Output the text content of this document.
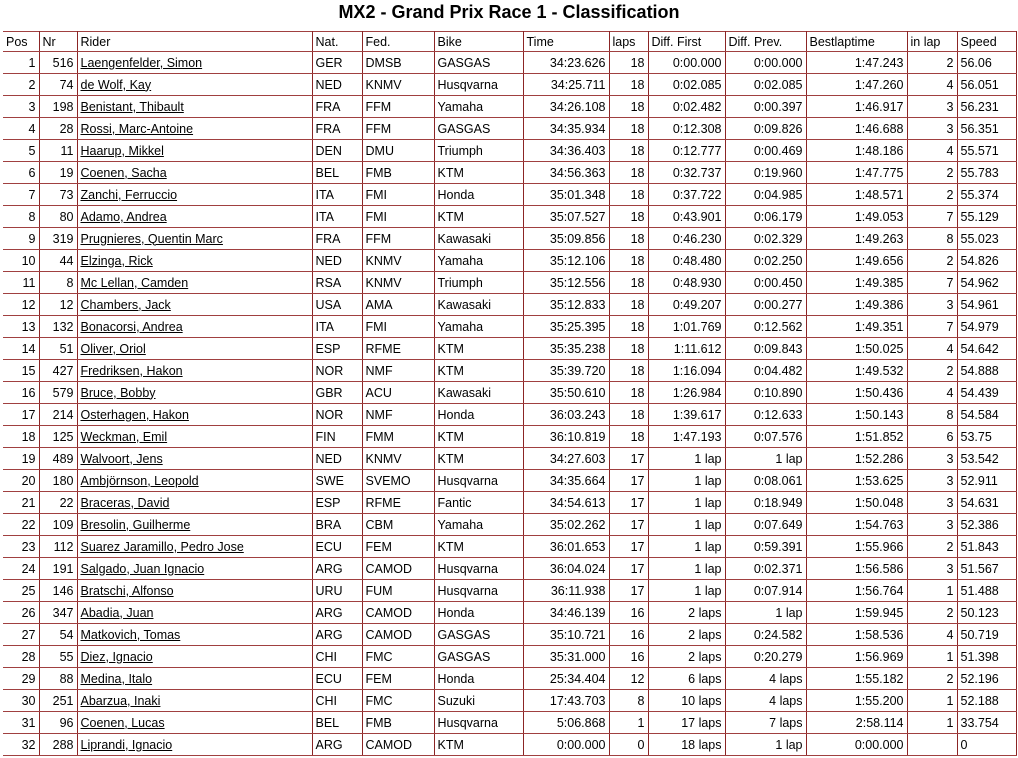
MX2 - Grand Prix Race 1 - Classification
Pos	Nr	Rider	Nat.	Fed.	Bike	Time	laps	Diff. First	Diff. Prev.	Bestlaptime	in lap	Speed
1	516	Laengenfelder, Simon	GER	DMSB	GASGAS	34:23.626	18	0:00.000	0:00.000	1:47.243	2	56.06
2	74	de Wolf, Kay	NED	KNMV	Husqvarna	34:25.711	18	0:02.085	0:02.085	1:47.260	4	56.051
3	198	Benistant, Thibault	FRA	FFM	Yamaha	34:26.108	18	0:02.482	0:00.397	1:46.917	3	56.231
4	28	Rossi, Marc-Antoine	FRA	FFM	GASGAS	34:35.934	18	0:12.308	0:09.826	1:46.688	3	56.351
5	11	Haarup, Mikkel	DEN	DMU	Triumph	34:36.403	18	0:12.777	0:00.469	1:48.186	4	55.571
6	19	Coenen, Sacha	BEL	FMB	KTM	34:56.363	18	0:32.737	0:19.960	1:47.775	2	55.783
7	73	Zanchi, Ferruccio	ITA	FMI	Honda	35:01.348	18	0:37.722	0:04.985	1:48.571	2	55.374
8	80	Adamo, Andrea	ITA	FMI	KTM	35:07.527	18	0:43.901	0:06.179	1:49.053	7	55.129
9	319	Prugnieres, Quentin Marc	FRA	FFM	Kawasaki	35:09.856	18	0:46.230	0:02.329	1:49.263	8	55.023
10	44	Elzinga, Rick	NED	KNMV	Yamaha	35:12.106	18	0:48.480	0:02.250	1:49.656	2	54.826
11	8	Mc Lellan, Camden	RSA	KNMV	Triumph	35:12.556	18	0:48.930	0:00.450	1:49.385	7	54.962
12	12	Chambers, Jack	USA	AMA	Kawasaki	35:12.833	18	0:49.207	0:00.277	1:49.386	3	54.961
13	132	Bonacorsi, Andrea	ITA	FMI	Yamaha	35:25.395	18	1:01.769	0:12.562	1:49.351	7	54.979
14	51	Oliver, Oriol	ESP	RFME	KTM	35:35.238	18	1:11.612	0:09.843	1:50.025	4	54.642
15	427	Fredriksen, Hakon	NOR	NMF	KTM	35:39.720	18	1:16.094	0:04.482	1:49.532	2	54.888
16	579	Bruce, Bobby	GBR	ACU	Kawasaki	35:50.610	18	1:26.984	0:10.890	1:50.436	4	54.439
17	214	Osterhagen, Hakon	NOR	NMF	Honda	36:03.243	18	1:39.617	0:12.633	1:50.143	8	54.584
18	125	Weckman, Emil	FIN	FMM	KTM	36:10.819	18	1:47.193	0:07.576	1:51.852	6	53.75
19	489	Walvoort, Jens	NED	KNMV	KTM	34:27.603	17	1 lap	1 lap	1:52.286	3	53.542
20	180	Ambjörnson, Leopold	SWE	SVEMO	Husqvarna	34:35.664	17	1 lap	0:08.061	1:53.625	3	52.911
21	22	Braceras, David	ESP	RFME	Fantic	34:54.613	17	1 lap	0:18.949	1:50.048	3	54.631
22	109	Bresolin, Guilherme	BRA	CBM	Yamaha	35:02.262	17	1 lap	0:07.649	1:54.763	3	52.386
23	112	Suarez Jaramillo, Pedro Jose	ECU	FEM	KTM	36:01.653	17	1 lap	0:59.391	1:55.966	2	51.843
24	191	Salgado, Juan Ignacio	ARG	CAMOD	Husqvarna	36:04.024	17	1 lap	0:02.371	1:56.586	3	51.567
25	146	Bratschi, Alfonso	URU	FUM	Husqvarna	36:11.938	17	1 lap	0:07.914	1:56.764	1	51.488
26	347	Abadia, Juan	ARG	CAMOD	Honda	34:46.139	16	2 laps	1 lap	1:59.945	2	50.123
27	54	Matkovich, Tomas	ARG	CAMOD	GASGAS	35:10.721	16	2 laps	0:24.582	1:58.536	4	50.719
28	55	Diez, Ignacio	CHI	FMC	GASGAS	35:31.000	16	2 laps	0:20.279	1:56.969	1	51.398
29	88	Medina, Italo	ECU	FEM	Honda	25:34.404	12	6 laps	4 laps	1:55.182	2	52.196
30	251	Abarzua, Inaki	CHI	FMC	Suzuki	17:43.703	8	10 laps	4 laps	1:55.200	1	52.188
31	96	Coenen, Lucas	BEL	FMB	Husqvarna	5:06.868	1	17 laps	7 laps	2:58.114	1	33.754
32	288	Liprandi, Ignacio	ARG	CAMOD	KTM	0:00.000	0	18 laps	1 lap	0:00.000		0
